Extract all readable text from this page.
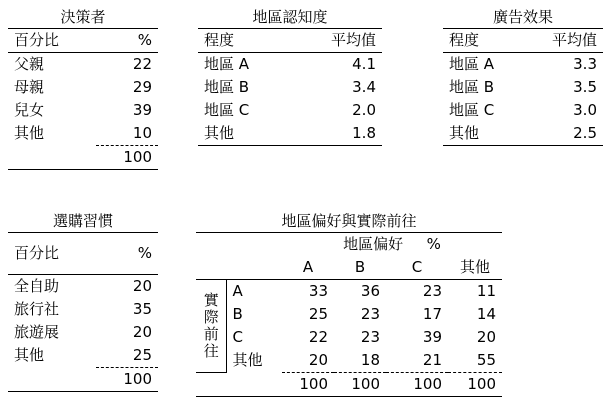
決策者
百分比	%
父親	22
母親	29
兒女	39
其他	10
	100
地區認知度
程度	平均值
地區 A	4.1
地區 B	3.4
地區 C	2.0
其他	1.8
廣告效果
程度	平均值
地區 A	3.3
地區 B	3.5
地區 C	3.0
其他	2.5
選購習慣
百分比	%
全自助	20
旅行社	35
旅遊展	20
其他	25
	100
地區偏好與實際前往
		地區偏好 %			
		A	B	C	其他

實際前往	A	33	36	23	11
	B	25	23	17	14
	C	22	23	39	20
	其他	20	18	21	55
		100	100	100	100
